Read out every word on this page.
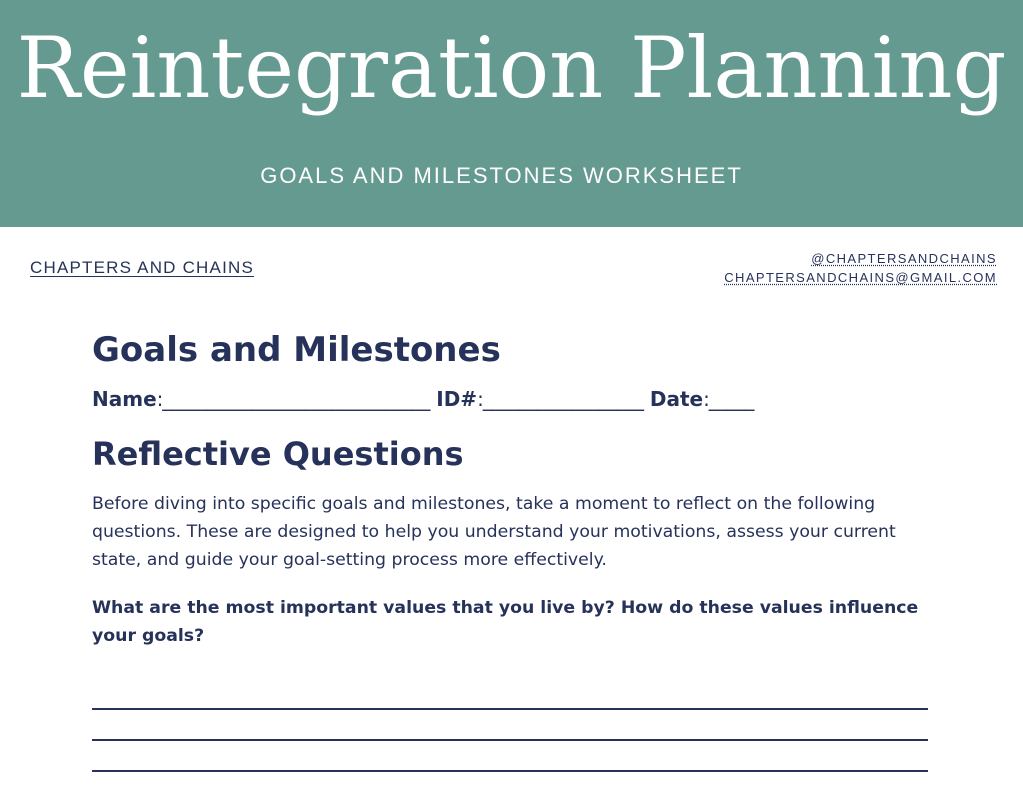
Reintegration Planning
GOALS AND MILESTONES WORKSHEET
CHAPTERS AND CHAINS	@CHAPTERSANDCHAINS
CHAPTERSANDCHAINS@GMAIL.COM
Goals and Milestones
Name:______________________________ ID#:__________________ Date:_____
Reflective Questions
Before diving into specific goals and milestones, take a moment to reflect on the following questions. These are designed to help you understand your motivations, assess your current state, and guide your goal-setting process more effectively.
What are the most important values that you live by? How do these values influence your goals?
